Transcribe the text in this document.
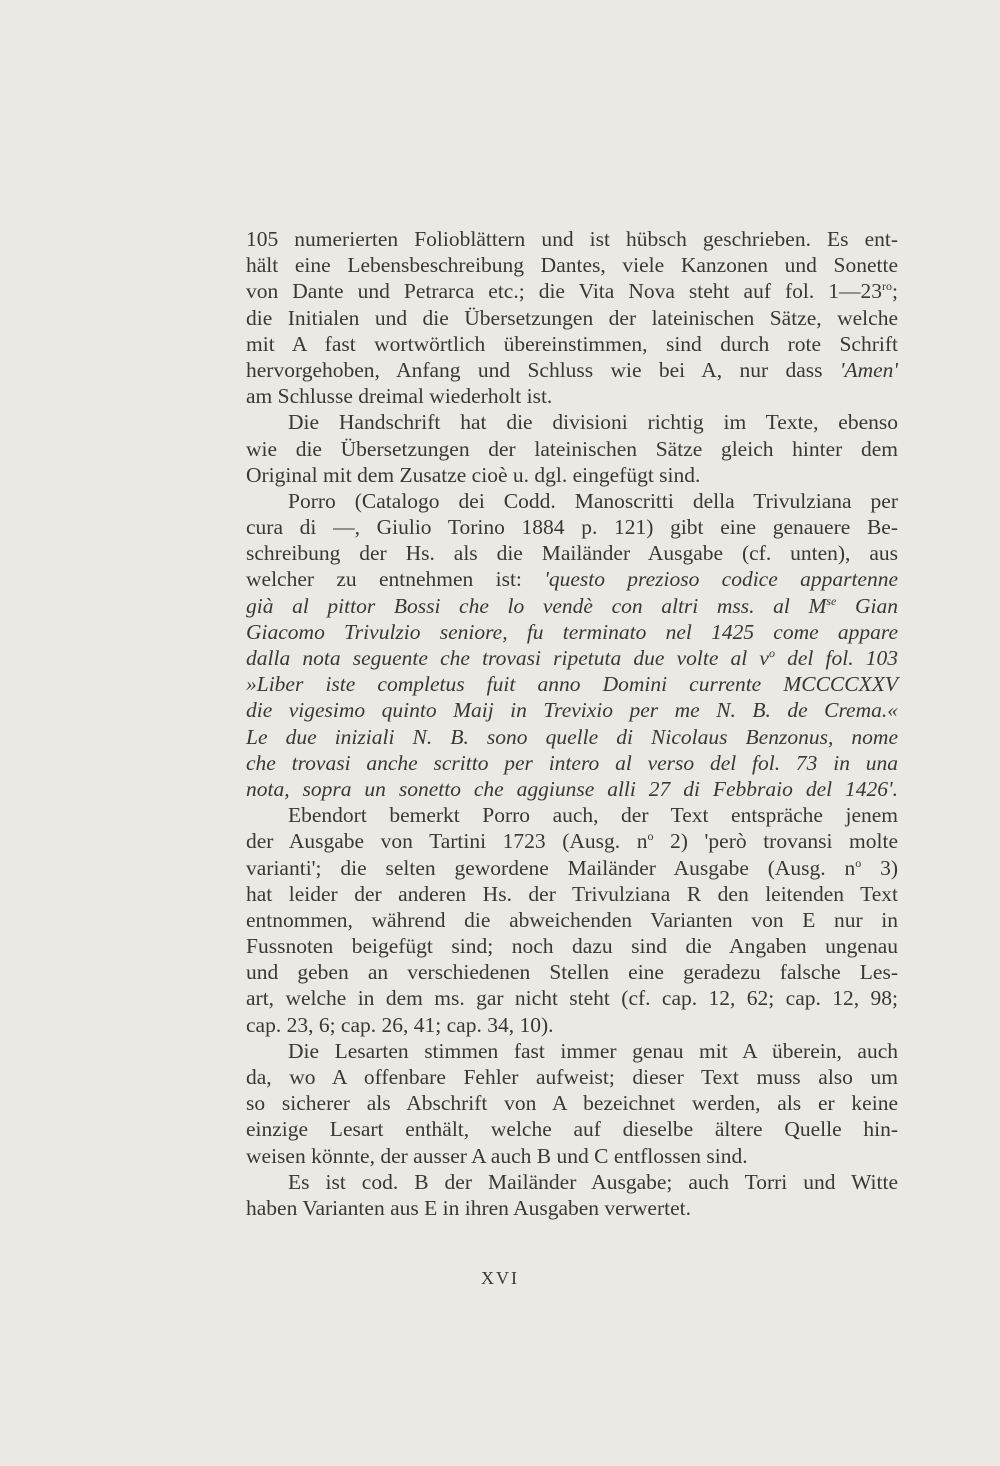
105 numerierten Folioblättern und ist hübsch geschrieben. Es ent-
hält eine Lebensbeschreibung Dantes, viele Kanzonen und Sonette
von Dante und Petrarca etc.; die Vita Nova steht auf fol. $1—23^{ro}$;
die Initialen und die Übersetzungen der lateinischen Sätze, welche
mit A fast wortwörtlich übereinstimmen, sind durch rote Schrift
hervorgehoben, Anfang und Schluss wie bei A, nur dass 'Amen'
am Schlusse dreimal wiederholt ist.
Die Handschrift hat die divisioni richtig im Texte, ebenso
wie die Übersetzungen der lateinischen Sätze gleich hinter dem
Original mit dem Zusatze cioè u. dgl. eingefügt sind.
Porro (Catalogo dei Codd. Manoscritti della Trivulziana per
cura di —, Giulio Torino 1884 p. 121) gibt eine genauere Be-
schreibung der Hs. als die Mailänder Ausgabe (cf. unten), aus
welcher zu entnehmen ist: 'questo prezioso codice appartenne
già al pittor Bossi che lo vendè con altri mss. al $M^{se}$ Gian
Giacomo Trivulzio seniore, fu terminato nel 1425 come appare
dalla nota seguente che trovasi ripetuta due volte al $v^o$ del fol. 103
»Liber iste completus fuit anno Domini currente MCCCCXXV
die vigesimo quinto Maij in Trevixio per me N. B. de Crema.«
Le due iniziali N. B. sono quelle di Nicolaus Benzonus, nome
che trovasi anche scritto per intero al verso del fol. 73 in una
nota, sopra un sonetto che aggiunse alli 27 di Febbraio del 1426'.
Ebendort bemerkt Porro auch, der Text entspräche jenem
der Ausgabe von Tartini 1723 (Ausg. $n^o$ 2) 'però trovansi molte
varianti'; die selten gewordene Mailänder Ausgabe (Ausg. $n^o$ 3)
hat leider der anderen Hs. der Trivulziana R den leitenden Text
entnommen, während die abweichenden Varianten von E nur in
Fussnoten beigefügt sind; noch dazu sind die Angaben ungenau
und geben an verschiedenen Stellen eine geradezu falsche Les-
art, welche in dem ms. gar nicht steht (cf. cap. 12, 62; cap. 12, 98;
cap. 23, 6; cap. 26, 41; cap. 34, 10).
Die Lesarten stimmen fast immer genau mit A überein, auch
da, wo A offenbare Fehler aufweist; dieser Text muss also um
so sicherer als Abschrift von A bezeichnet werden, als er keine
einzige Lesart enthält, welche auf dieselbe ältere Quelle hin-
weisen könnte, der ausser A auch B und C entflossen sind.
Es ist cod. B der Mailänder Ausgabe; auch Torri und Witte
haben Varianten aus E in ihren Ausgaben verwertet.
XVI
